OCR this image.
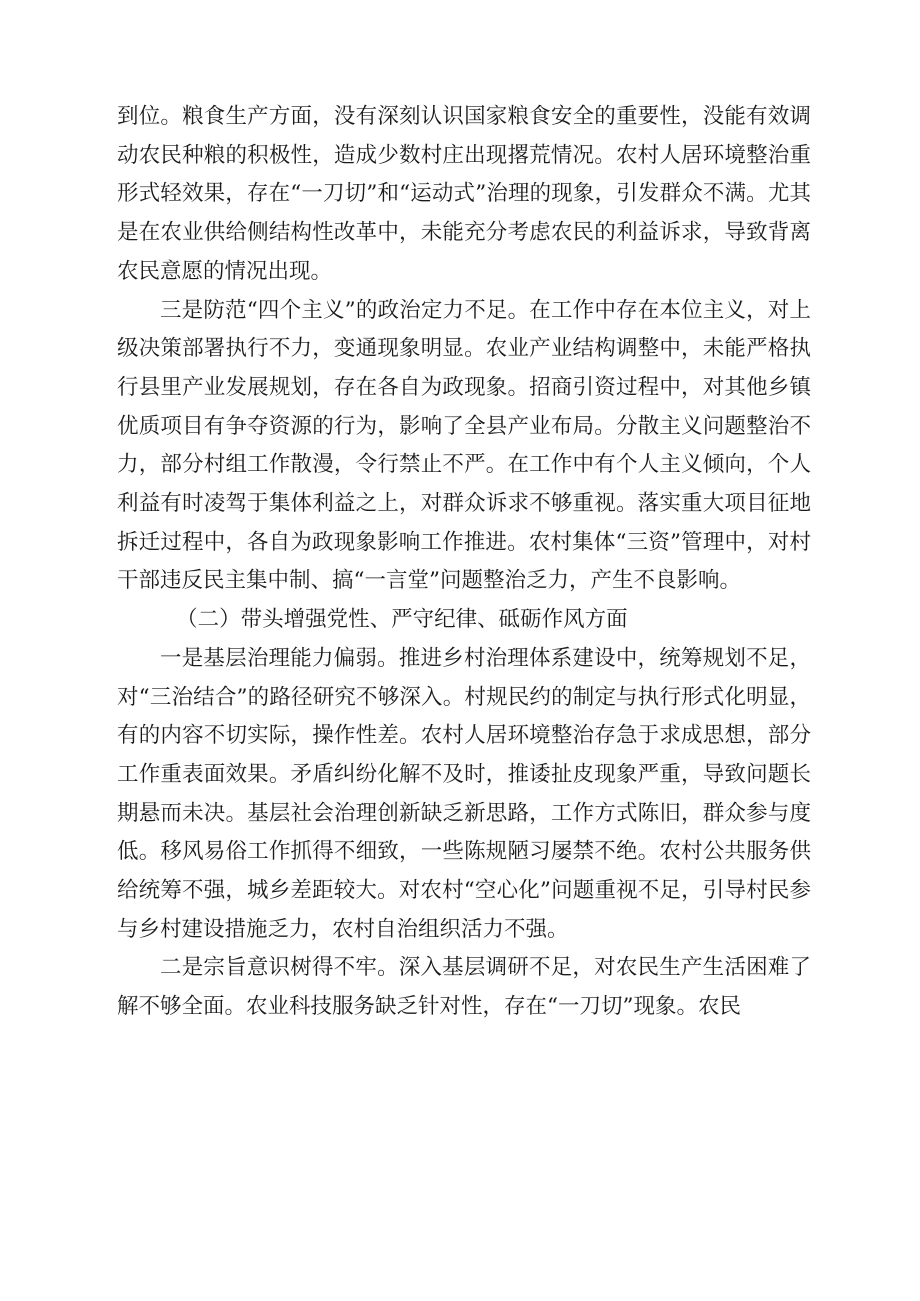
到位。粮食生产方面，没有深刻认识国家粮食安全的重要性，没能有效调动农民种粮的积极性，造成少数村庄出现撂荒情况。农村人居环境整治重形式轻效果，存在“一刀切”和“运动式”治理的现象，引发群众不满。尤其是在农业供给侧结构性改革中，未能充分考虑农民的利益诉求，导致背离农民意愿的情况出现。

三是防范“四个主义”的政治定力不足。在工作中存在本位主义，对上级决策部署执行不力，变通现象明显。农业产业结构调整中，未能严格执行县里产业发展规划，存在各自为政现象。招商引资过程中，对其他乡镇优质项目有争夺资源的行为，影响了全县产业布局。分散主义问题整治不力，部分村组工作散漫，令行禁止不严。在工作中有个人主义倾向，个人利益有时凌驾于集体利益之上，对群众诉求不够重视。落实重大项目征地拆迁过程中，各自为政现象影响工作推进。农村集体“三资”管理中，对村干部违反民主集中制、搞“一言堂”问题整治乏力，产生不良影响。

（二）带头增强党性、严守纪律、砥砺作风方面

一是基层治理能力偏弱。推进乡村治理体系建设中，统筹规划不足，对“三治结合”的路径研究不够深入。村规民约的制定与执行形式化明显，有的内容不切实际，操作性差。农村人居环境整治存急于求成思想，部分工作重表面效果。矛盾纠纷化解不及时，推诿扯皮现象严重，导致问题长期悬而未决。基层社会治理创新缺乏新思路，工作方式陈旧，群众参与度低。移风易俗工作抓得不细致，一些陈规陋习屡禁不绝。农村公共服务供给统筹不强，城乡差距较大。对农村“空心化”问题重视不足，引导村民参与乡村建设措施乏力，农村自治组织活力不强。

二是宗旨意识树得不牢。深入基层调研不足，对农民生产生活困难了解不够全面。农业科技服务缺乏针对性，存在“一刀切”现象。农民
